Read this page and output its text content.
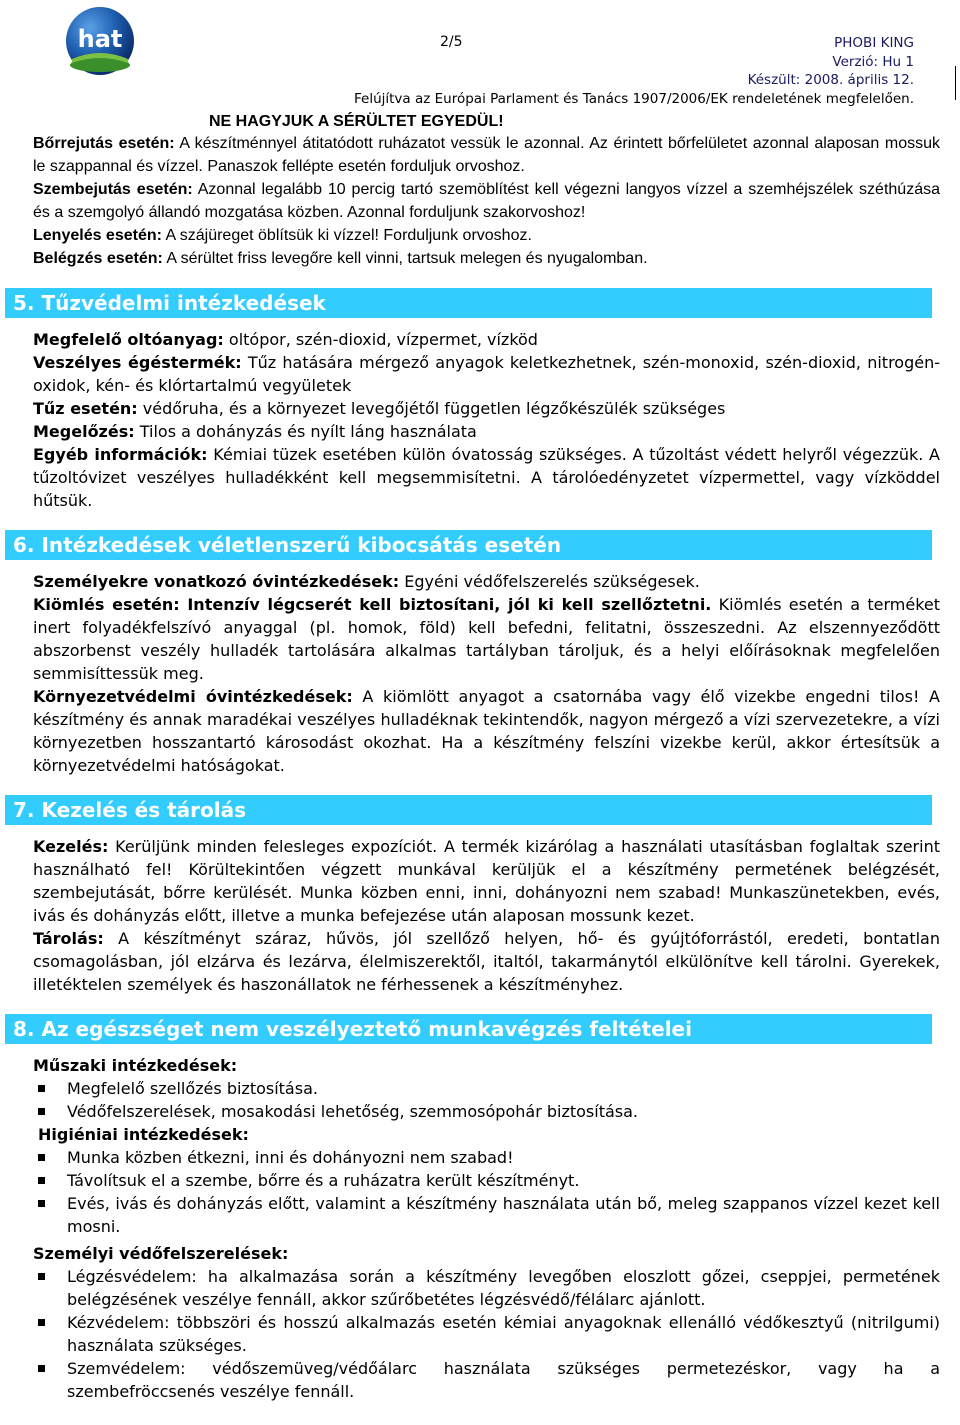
hat	2/5	PHOBI KING
Verzió: Hu 1
Készült: 2008. április 12.
Felújítva az Európai Parlament és Tanács 1907/2006/EK rendeletének megfelelően.

NE HAGYJUK A SÉRÜLTET EGYEDÜL!

Bőrrejutás esetén: A készítménnyel átitatódott ruházatot vessük le azonnal. Az érintett bőrfelületet azonnal alaposan mossuk le szappannal és vízzel. Panaszok fellépte esetén forduljuk orvoshoz.

Szembejutás esetén: Azonnal legalább 10 percig tartó szemöblítést kell végezni langyos vízzel a szemhéjszélek széthúzása és a szemgolyó állandó mozgatása közben. Azonnal forduljunk szakorvoshoz!

Lenyelés esetén: A szájüreget öblítsük ki vízzel! Forduljunk orvoshoz.

Belégzés esetén: A sérültet friss levegőre kell vinni, tartsuk melegen és nyugalomban.

5. Tűzvédelmi intézkedések

Megfelelő oltóanyag: oltópor, szén-dioxid, vízpermet, vízköd

Veszélyes égéstermék: Tűz hatására mérgező anyagok keletkezhetnek, szén-monoxid, szén-dioxid, nitrogén-oxidok, kén- és klórtartalmú vegyületek

Tűz esetén: védőruha, és a környezet levegőjétől független légzőkészülék szükséges

Megelőzés: Tilos a dohányzás és nyílt láng használata

Egyéb információk: Kémiai tüzek esetében külön óvatosság szükséges. A tűzoltást védett helyről végezzük. A tűzoltóvizet veszélyes hulladékként kell megsemmisítetni. A tárolóedényzetet vízpermettel, vagy vízköddel hűtsük.

6. Intézkedések véletlenszerű kibocsátás esetén

Személyekre vonatkozó óvintézkedések: Egyéni védőfelszerelés szükségesek.

Kiömlés esetén: Intenzív légcserét kell biztosítani, jól ki kell szellőztetni. Kiömlés esetén a terméket inert folyadékfelszívó anyaggal (pl. homok, föld) kell befedni, felitatni, összeszedni. Az elszennyeződött abszorbenst veszély hulladék tartolására alkalmas tartályban tároljuk, és a helyi előírásoknak megfelelően semmisíttessük meg.

Környezetvédelmi óvintézkedések: A kiömlött anyagot a csatornába vagy élő vizekbe engedni tilos! A készítmény és annak maradékai veszélyes hulladéknak tekintendők, nagyon mérgező a vízi szervezetekre, a vízi környezetben hosszantartó károsodást okozhat. Ha a készítmény felszíni vizekbe kerül, akkor értesítsük a környezetvédelmi hatóságokat.

7. Kezelés és tárolás

Kezelés: Kerüljünk minden felesleges expozíciót. A termék kizárólag a használati utasításban foglaltak szerint használható fel! Körültekintően végzett munkával kerüljük el a készítmény permetének belégzését, szembejutását, bőrre kerülését. Munka közben enni, inni, dohányozni nem szabad! Munkaszünetekben, evés, ivás és dohányzás előtt, illetve a munka befejezése után alaposan mossunk kezet.

Tárolás: A készítményt száraz, hűvös, jól szellőző helyen, hő- és gyújtóforrástól, eredeti, bontatlan csomagolásban, jól elzárva és lezárva, élelmiszerektől, italtól, takarmánytól elkülönítve kell tárolni. Gyerekek, illetéktelen személyek és haszonállatok ne férhessenek a készítményhez.

8. Az egészséget nem veszélyeztető munkavégzés feltételei

Műszaki intézkedések:

Megfelelő szellőzés biztosítása.
Védőfelszerelések, mosakodási lehetőség, szemmosópohár biztosítása.

Higiéniai intézkedések:

Munka közben étkezni, inni és dohányozni nem szabad!
Távolítsuk el a szembe, bőrre és a ruházatra került készítményt.
Evés, ivás és dohányzás előtt, valamint a készítmény használata után bő, meleg szappanos vízzel kezet kell mosni.

Személyi védőfelszerelések:

Légzésvédelem: ha alkalmazása során a készítmény levegőben eloszlott gőzei, cseppjei, permetének belégzésének veszélye fennáll, akkor szűrőbetétes légzésvédő/félálarc ajánlott.
Kézvédelem: többszöri és hosszú alkalmazás esetén kémiai anyagoknak ellenálló védőkesztyű (nitrilgumi) használata szükséges.
Szemvédelem: védőszemüveg/védőálarc használata szükséges permetezéskor, vagy ha a szembefröccsenés veszélye fennáll.
